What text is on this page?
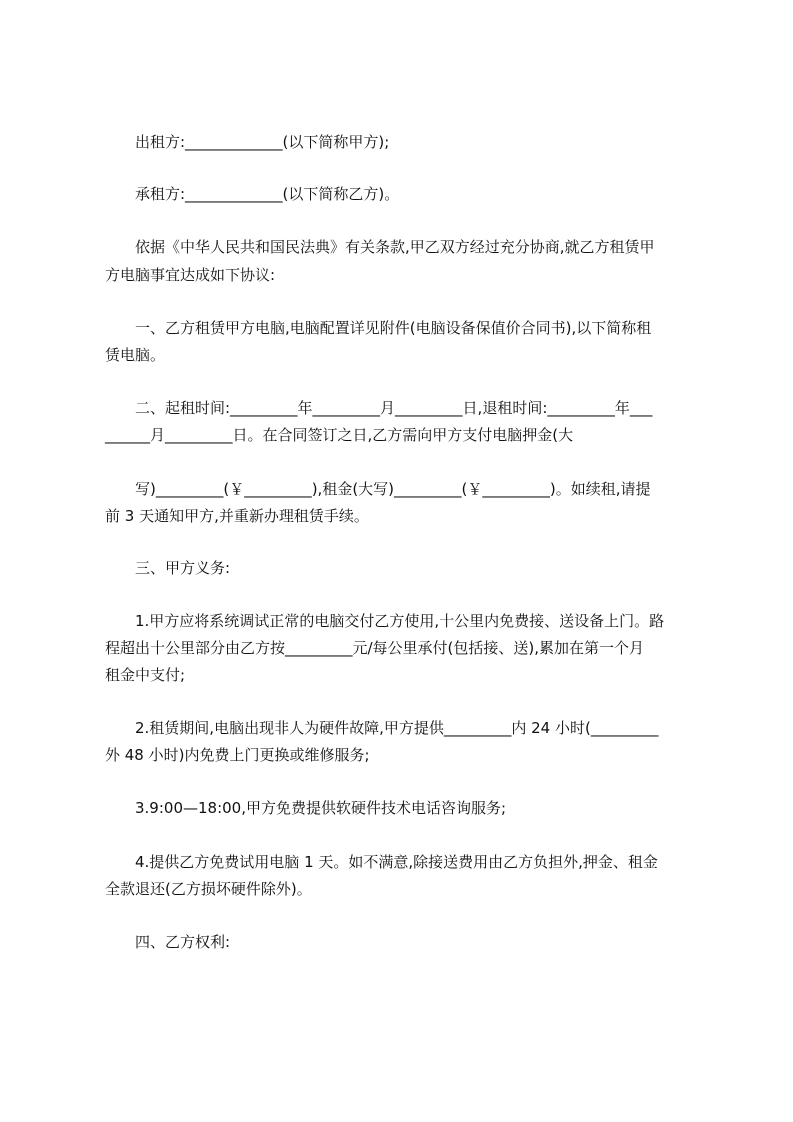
出租方:_____________(以下简称甲方);

承租方:_____________(以下简称乙方)。

依据《中华人民共和国民法典》有关条款,甲乙双方经过充分协商,就乙方租赁甲

方电脑事宜达成如下协议:

一、乙方租赁甲方电脑,电脑配置详见附件(电脑设备保值价合同书),以下简称租

赁电脑。

二、起租时间:_________年_________月_________日,退租时间:_________年___

______月_________日。在合同签订之日,乙方需向甲方支付电脑押金(大

写)_________(￥_________),租金(大写)_________(￥_________)。如续租,请提

前 3 天通知甲方,并重新办理租赁手续。

三、甲方义务:

1.甲方应将系统调试正常的电脑交付乙方使用,十公里内免费接、送设备上门。路

程超出十公里部分由乙方按_________元/每公里承付(包括接、送),累加在第一个月

租金中支付;

2.租赁期间,电脑出现非人为硬件故障,甲方提供_________内 24 小时(_________

外 48 小时)内免费上门更换或维修服务;

3.9:00—18:00,甲方免费提供软硬件技术电话咨询服务;

4.提供乙方免费试用电脑 1 天。如不满意,除接送费用由乙方负担外,押金、租金

全款退还(乙方损坏硬件除外)。

四、乙方权利:
